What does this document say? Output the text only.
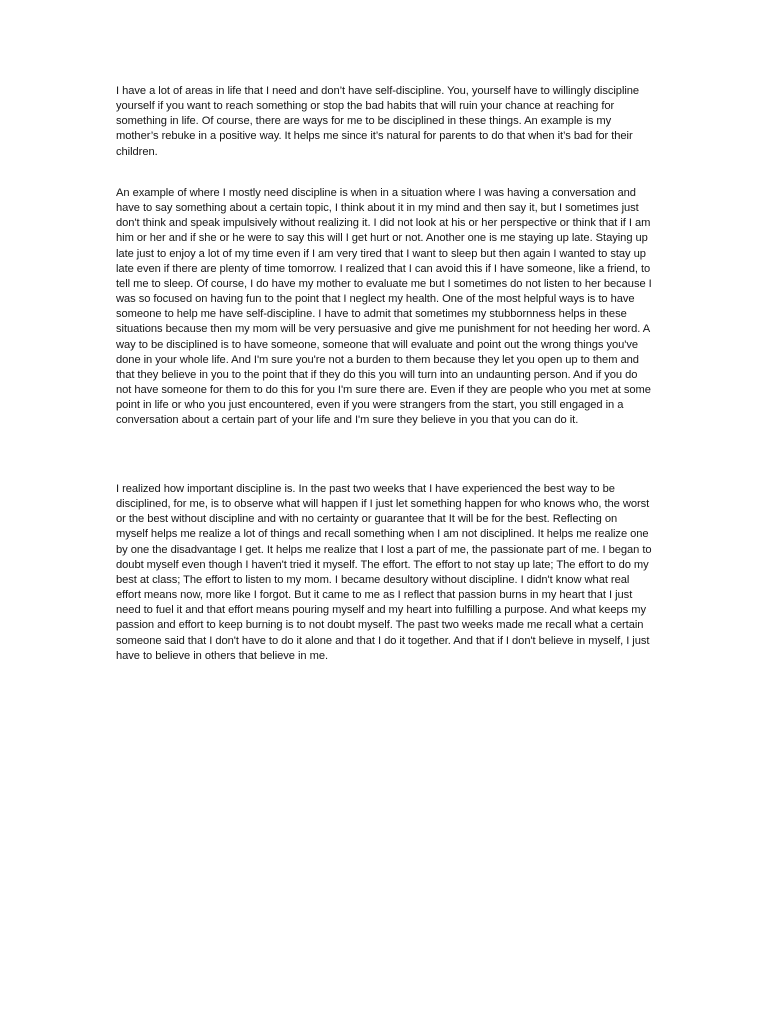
I have a lot of areas in life that I need and don’t have self-discipline. You, yourself have to willingly discipline yourself if you want to reach something or stop the bad habits that will ruin your chance at reaching for something in life. Of course, there are ways for me to be disciplined in these things. An example is my mother’s rebuke in a positive way. It helps me since it’s natural for parents to do that when it’s bad for their children.

An example of where I mostly need discipline is when in a situation where I was having a conversation and have to say something about a certain topic, I think about it in my mind and then say it, but I sometimes just don't think and speak impulsively without realizing it. I did not look at his or her perspective or think that if I am him or her and if she or he were to say this will I get hurt or not. Another one is me staying up late. Staying up late just to enjoy a lot of my time even if I am very tired that I want to sleep but then again I wanted to stay up late even if there are plenty of time tomorrow. I realized that I can avoid this if I have someone, like a friend, to tell me to sleep. Of course, I do have my mother to evaluate me but I sometimes do not listen to her because I was so focused on having fun to the point that I neglect my health. One of the most helpful ways is to have someone to help me have self-discipline. I have to admit that sometimes my stubbornness helps in these situations because then my mom will be very persuasive and give me punishment for not heeding her word. A way to be disciplined is to have someone, someone that will evaluate and point out the wrong things you've done in your whole life. And I'm sure you're not a burden to them because they let you open up to them and that they believe in you to the point that if they do this you will turn into an undaunting person. And if you do not have someone for them to do this for you I'm sure there are. Even if they are people who you met at some point in life or who you just encountered, even if you were strangers from the start, you still engaged in a conversation about a certain part of your life and I'm sure they believe in you that you can do it.

I realized how important discipline is. In the past two weeks that I have experienced the best way to be disciplined, for me, is to observe what will happen if I just let something happen for who knows who, the worst or the best without discipline and with no certainty or guarantee that It will be for the best. Reflecting on myself helps me realize a lot of things and recall something when I am not disciplined. It helps me realize one by one the disadvantage I get. It helps me realize that I lost a part of me, the passionate part of me. I began to doubt myself even though I haven't tried it myself. The effort. The effort to not stay up late; The effort to do my best at class; The effort to listen to my mom. I became desultory without discipline. I didn't know what real effort means now, more like I forgot. But it came to me as I reflect that passion burns in my heart that I just need to fuel it and that effort means pouring myself and my heart into fulfilling a purpose. And what keeps my passion and effort to keep burning is to not doubt myself. The past two weeks made me recall what a certain someone said that I don't have to do it alone and that I do it together. And that if I don't believe in myself, I just have to believe in others that believe in me.
